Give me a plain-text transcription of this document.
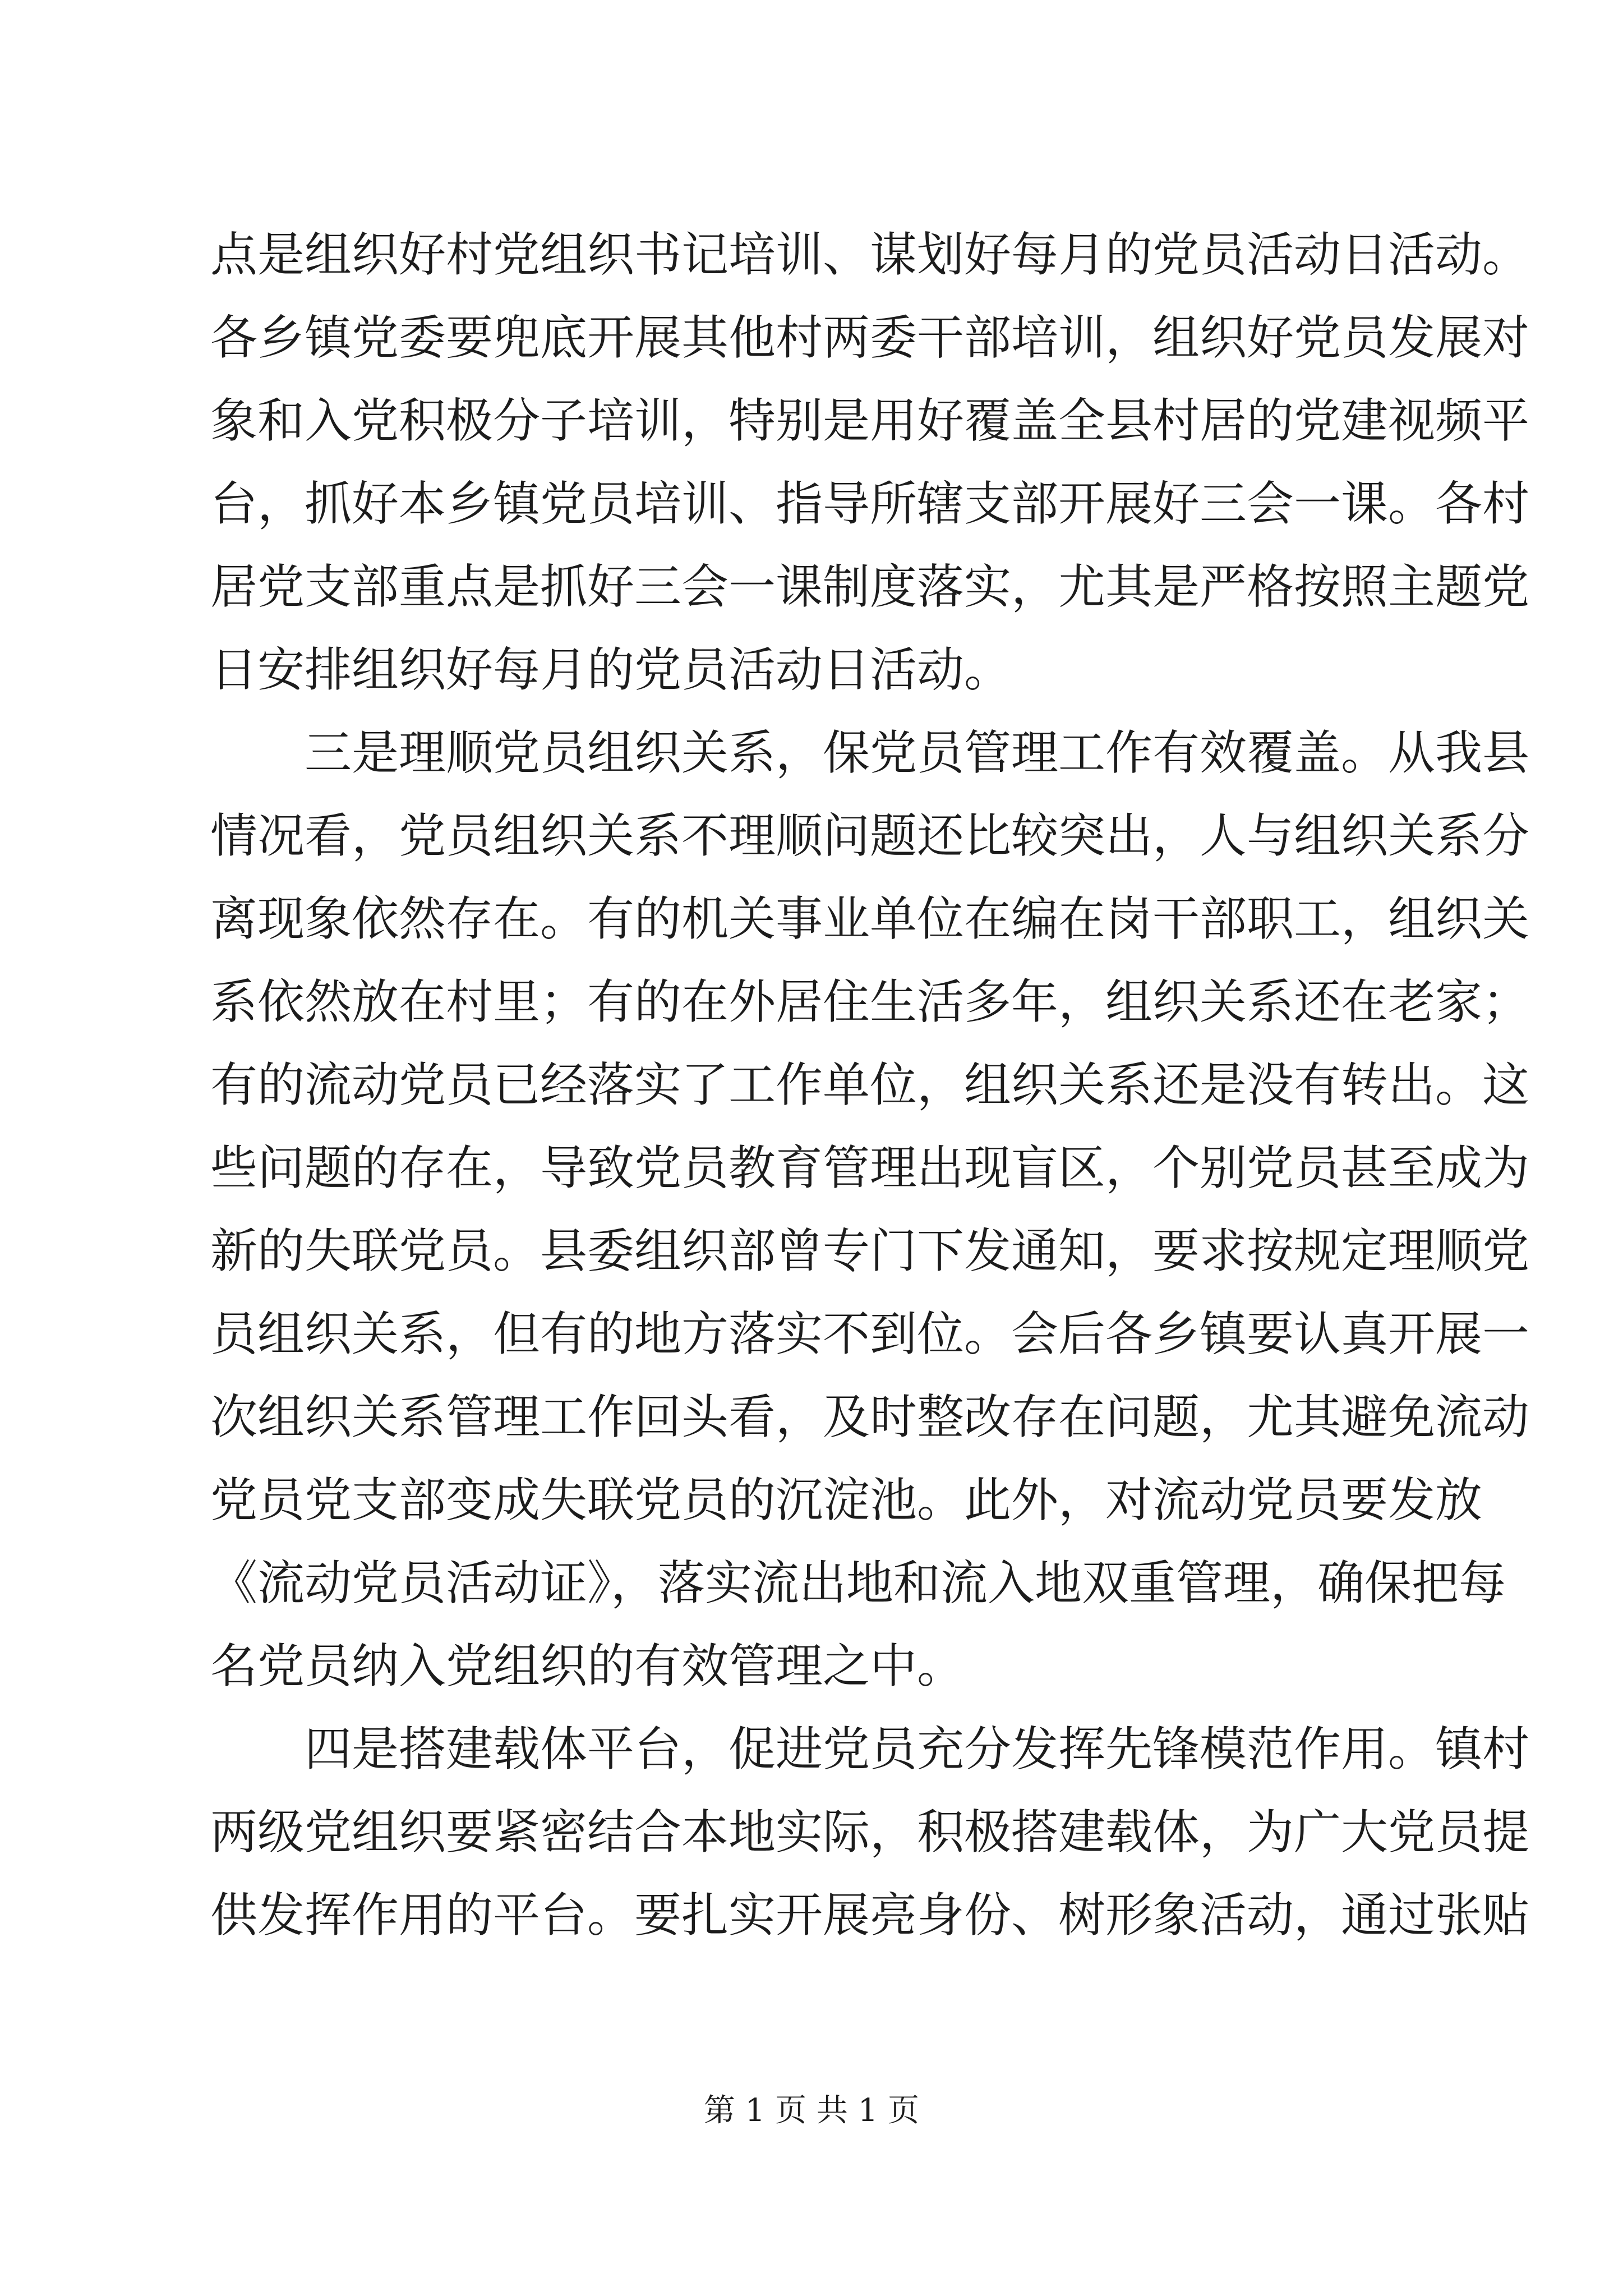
点是组织好村党组织书记培训、谋划好每月的党员活动日活动。
各乡镇党委要兜底开展其他村两委干部培训，组织好党员发展对
象和入党积极分子培训，特别是用好覆盖全县村居的党建视频平
台，抓好本乡镇党员培训、指导所辖支部开展好三会一课。各村
居党支部重点是抓好三会一课制度落实，尤其是严格按照主题党
日安排组织好每月的党员活动日活动。
三是理顺党员组织关系，保党员管理工作有效覆盖。从我县
情况看，党员组织关系不理顺问题还比较突出，人与组织关系分
离现象依然存在。有的机关事业单位在编在岗干部职工，组织关
系依然放在村里；有的在外居住生活多年，组织关系还在老家；
有的流动党员已经落实了工作单位，组织关系还是没有转出。这
些问题的存在，导致党员教育管理出现盲区，个别党员甚至成为
新的失联党员。县委组织部曾专门下发通知，要求按规定理顺党
员组织关系，但有的地方落实不到位。会后各乡镇要认真开展一
次组织关系管理工作回头看，及时整改存在问题，尤其避免流动
党员党支部变成失联党员的沉淀池。此外，对流动党员要发放
《流动党员活动证》，落实流出地和流入地双重管理，确保把每
名党员纳入党组织的有效管理之中。
四是搭建载体平台，促进党员充分发挥先锋模范作用。镇村
两级党组织要紧密结合本地实际，积极搭建载体，为广大党员提
供发挥作用的平台。要扎实开展亮身份、树形象活动，通过张贴
第 1 页 共 1 页
